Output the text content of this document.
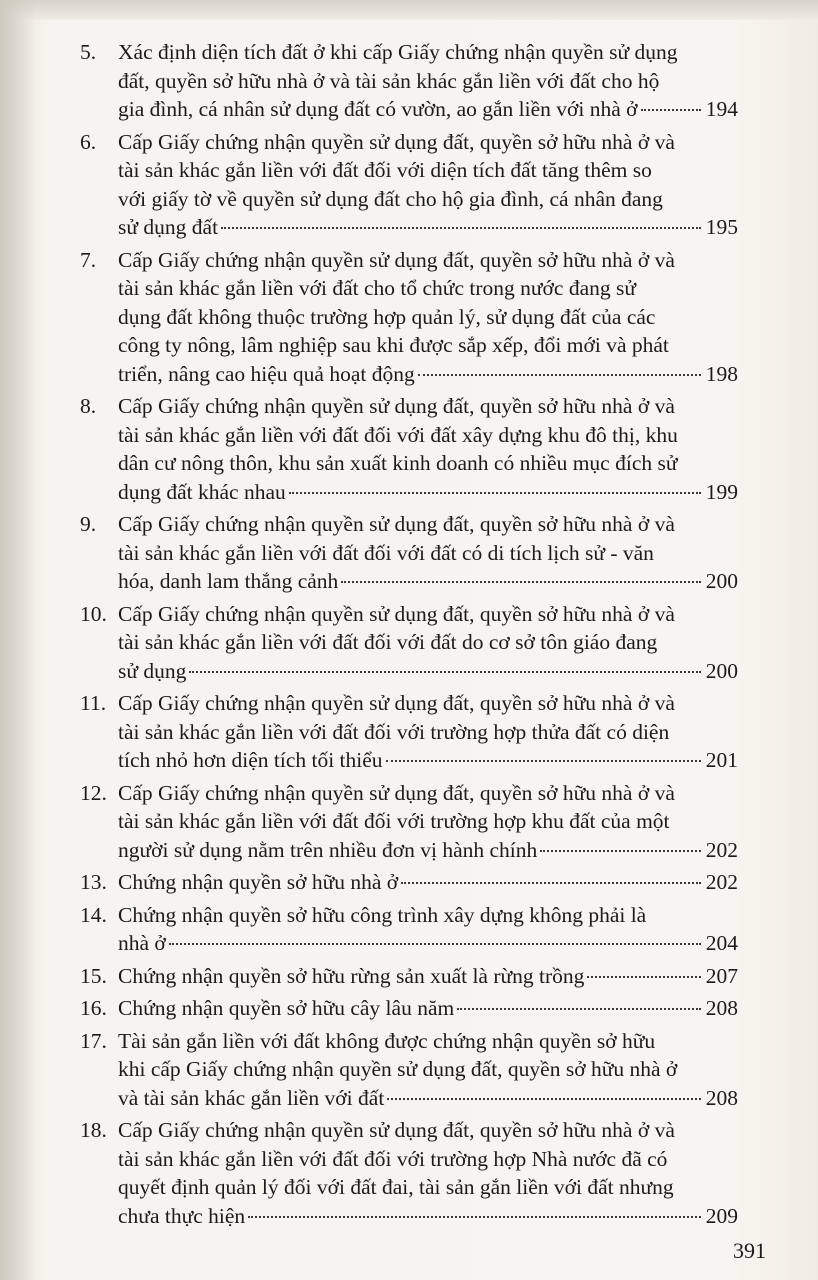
5.	Xác định diện tích đất ở khi cấp Giấy chứng nhận quyền sử dụng
đất, quyền sở hữu nhà ở và tài sản khác gắn liền với đất cho hộ
gia đình, cá nhân sử dụng đất có vườn, ao gắn liền với nhà ở	194
6.	Cấp Giấy chứng nhận quyền sử dụng đất, quyền sở hữu nhà ở và
tài sản khác gắn liền với đất đối với diện tích đất tăng thêm so
với giấy tờ về quyền sử dụng đất cho hộ gia đình, cá nhân đang
sử dụng đất	195
7.	Cấp Giấy chứng nhận quyền sử dụng đất, quyền sở hữu nhà ở và
tài sản khác gắn liền với đất cho tổ chức trong nước đang sử
dụng đất không thuộc trường hợp quản lý, sử dụng đất của các
công ty nông, lâm nghiệp sau khi được sắp xếp, đổi mới và phát
triển, nâng cao hiệu quả hoạt động	198
8.	Cấp Giấy chứng nhận quyền sử dụng đất, quyền sở hữu nhà ở và
tài sản khác gắn liền với đất đối với đất xây dựng khu đô thị, khu
dân cư nông thôn, khu sản xuất kinh doanh có nhiều mục đích sử
dụng đất khác nhau	199
9.	Cấp Giấy chứng nhận quyền sử dụng đất, quyền sở hữu nhà ở và
tài sản khác gắn liền với đất đối với đất có di tích lịch sử - văn
hóa, danh lam thắng cảnh	200
10. Cấp Giấy chứng nhận quyền sử dụng đất, quyền sở hữu nhà ở và
tài sản khác gắn liền với đất đối với đất do cơ sở tôn giáo đang
sử dụng	200
11. Cấp Giấy chứng nhận quyền sử dụng đất, quyền sở hữu nhà ở và
tài sản khác gắn liền với đất đối với trường hợp thửa đất có diện
tích nhỏ hơn diện tích tối thiểu	201
12. Cấp Giấy chứng nhận quyền sử dụng đất, quyền sở hữu nhà ở và
tài sản khác gắn liền với đất đối với trường hợp khu đất của một
người sử dụng nằm trên nhiều đơn vị hành chính	202
13. Chứng nhận quyền sở hữu nhà ở	202
14. Chứng nhận quyền sở hữu công trình xây dựng không phải là
nhà ở	204
15. Chứng nhận quyền sở hữu rừng sản xuất là rừng trồng	207
16. Chứng nhận quyền sở hữu cây lâu năm	208
17. Tài sản gắn liền với đất không được chứng nhận quyền sở hữu
khi cấp Giấy chứng nhận quyền sử dụng đất, quyền sở hữu nhà ở
và tài sản khác gắn liền với đất	208
18. Cấp Giấy chứng nhận quyền sử dụng đất, quyền sở hữu nhà ở và
tài sản khác gắn liền với đất đối với trường hợp Nhà nước đã có
quyết định quản lý đối với đất đai, tài sản gắn liền với đất nhưng
chưa thực hiện	209
391
